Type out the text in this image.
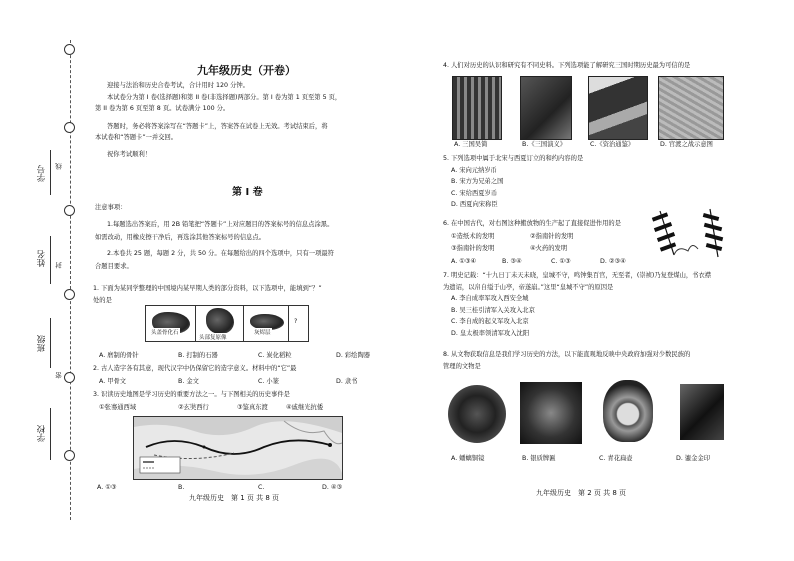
学号
姓名
班级
学校
线
封
密
九年级历史（开卷）
迎接与法治和历史合卷考试，合计用时 120 分钟。
本试卷分为第 I 卷(选择题)和第 II 卷(非选择题)两部分。第 I 卷为第 1 页至第 5 页，
第 II 卷为第 6 页至第 8 页。试卷满分 100 分。
答题时，务必将答案涂写在“答题卡”上，答案答在试卷上无效。考试结束后，将
本试卷和“答题卡”一并交回。
祝你考试顺利！
第 I 卷
注意事项：
1.每题选出答案后，用 2B 铅笔把“答题卡”上对应题目的答案标号的信息点涂黑。
如需改动，用橡皮擦干净后，再选涂其他答案标号的信息点。
2.本卷共 25 题，每题 2 分，共 50 分。在每题给出的四个选项中，只有一项最符
合题目要求。
1. 下面为某同学整理的中国境内某早期人类的部分资料，以下选项中，能填到“？”
处的是
头盖骨化石
头部复原像
灰烬层
?
A. 磨制的骨针	B. 打制的石器	C. 炭化稻粒	D. 彩绘陶器
2. 古人造字各有其意，现代汉字中仍保留它的造字意义。材料中的“它”最
A. 甲骨文	B. 金文	C. 小篆	D. 隶书
3. 识读历史地图是学习历史的重要方法之一。与下图相关的历史事件是
①张骞通西域	②玄奘西行	③鉴真东渡	④戚继光抗倭
A. ①③	B.	C.	D. ④③
九年级历史　第 1 页 共 8 页
4. 人们对历史的认识和研究有不同史料。下列选项能了解研究三国时期历史最为可信的是
A. 三国吴简	B.《三国演义》	C.《资治通鉴》	D. 官渡之战示意图
5. 下列选项中属于北宋与西夏订立的和约内容的是
A. 宋向元纳岁币
B. 宋方为兄弟之国
C. 宋给西夏岁币
D. 西夏向宋称臣
6. 在中国古代，对右图这种搬放物的生产起了直接促进作用的是
①造纸术的发明	②指南针的发明
③指南针的发明	④火药的发明
A. ①③④	B. ③④	C. ①③	D. ②③④
7. 明史记载：“十九日丁未天未晓，皇城不守，鸣钟集百官，无至者，(崇祯)乃复登煤山，书衣襟
为遗诏，以帛自缢于山亭，帝遂崩。”这里“皇城不守”的原因是
A. 李自成率军攻入西安全城
B. 吴三桂引清军入关攻入北京
C. 李自成的起义军攻入北京
D. 皇太极率领清军攻入沈阳
8. 从文物获取信息是我们学习历史的方法，以下能直观地反映中央政府加强对少数民族的
管理的文物是
A. 蟠螭铜镜	B. 银质牌匾	C. 青花扁壶	D. 鎏金金印
九年级历史　第 2 页 共 8 页
